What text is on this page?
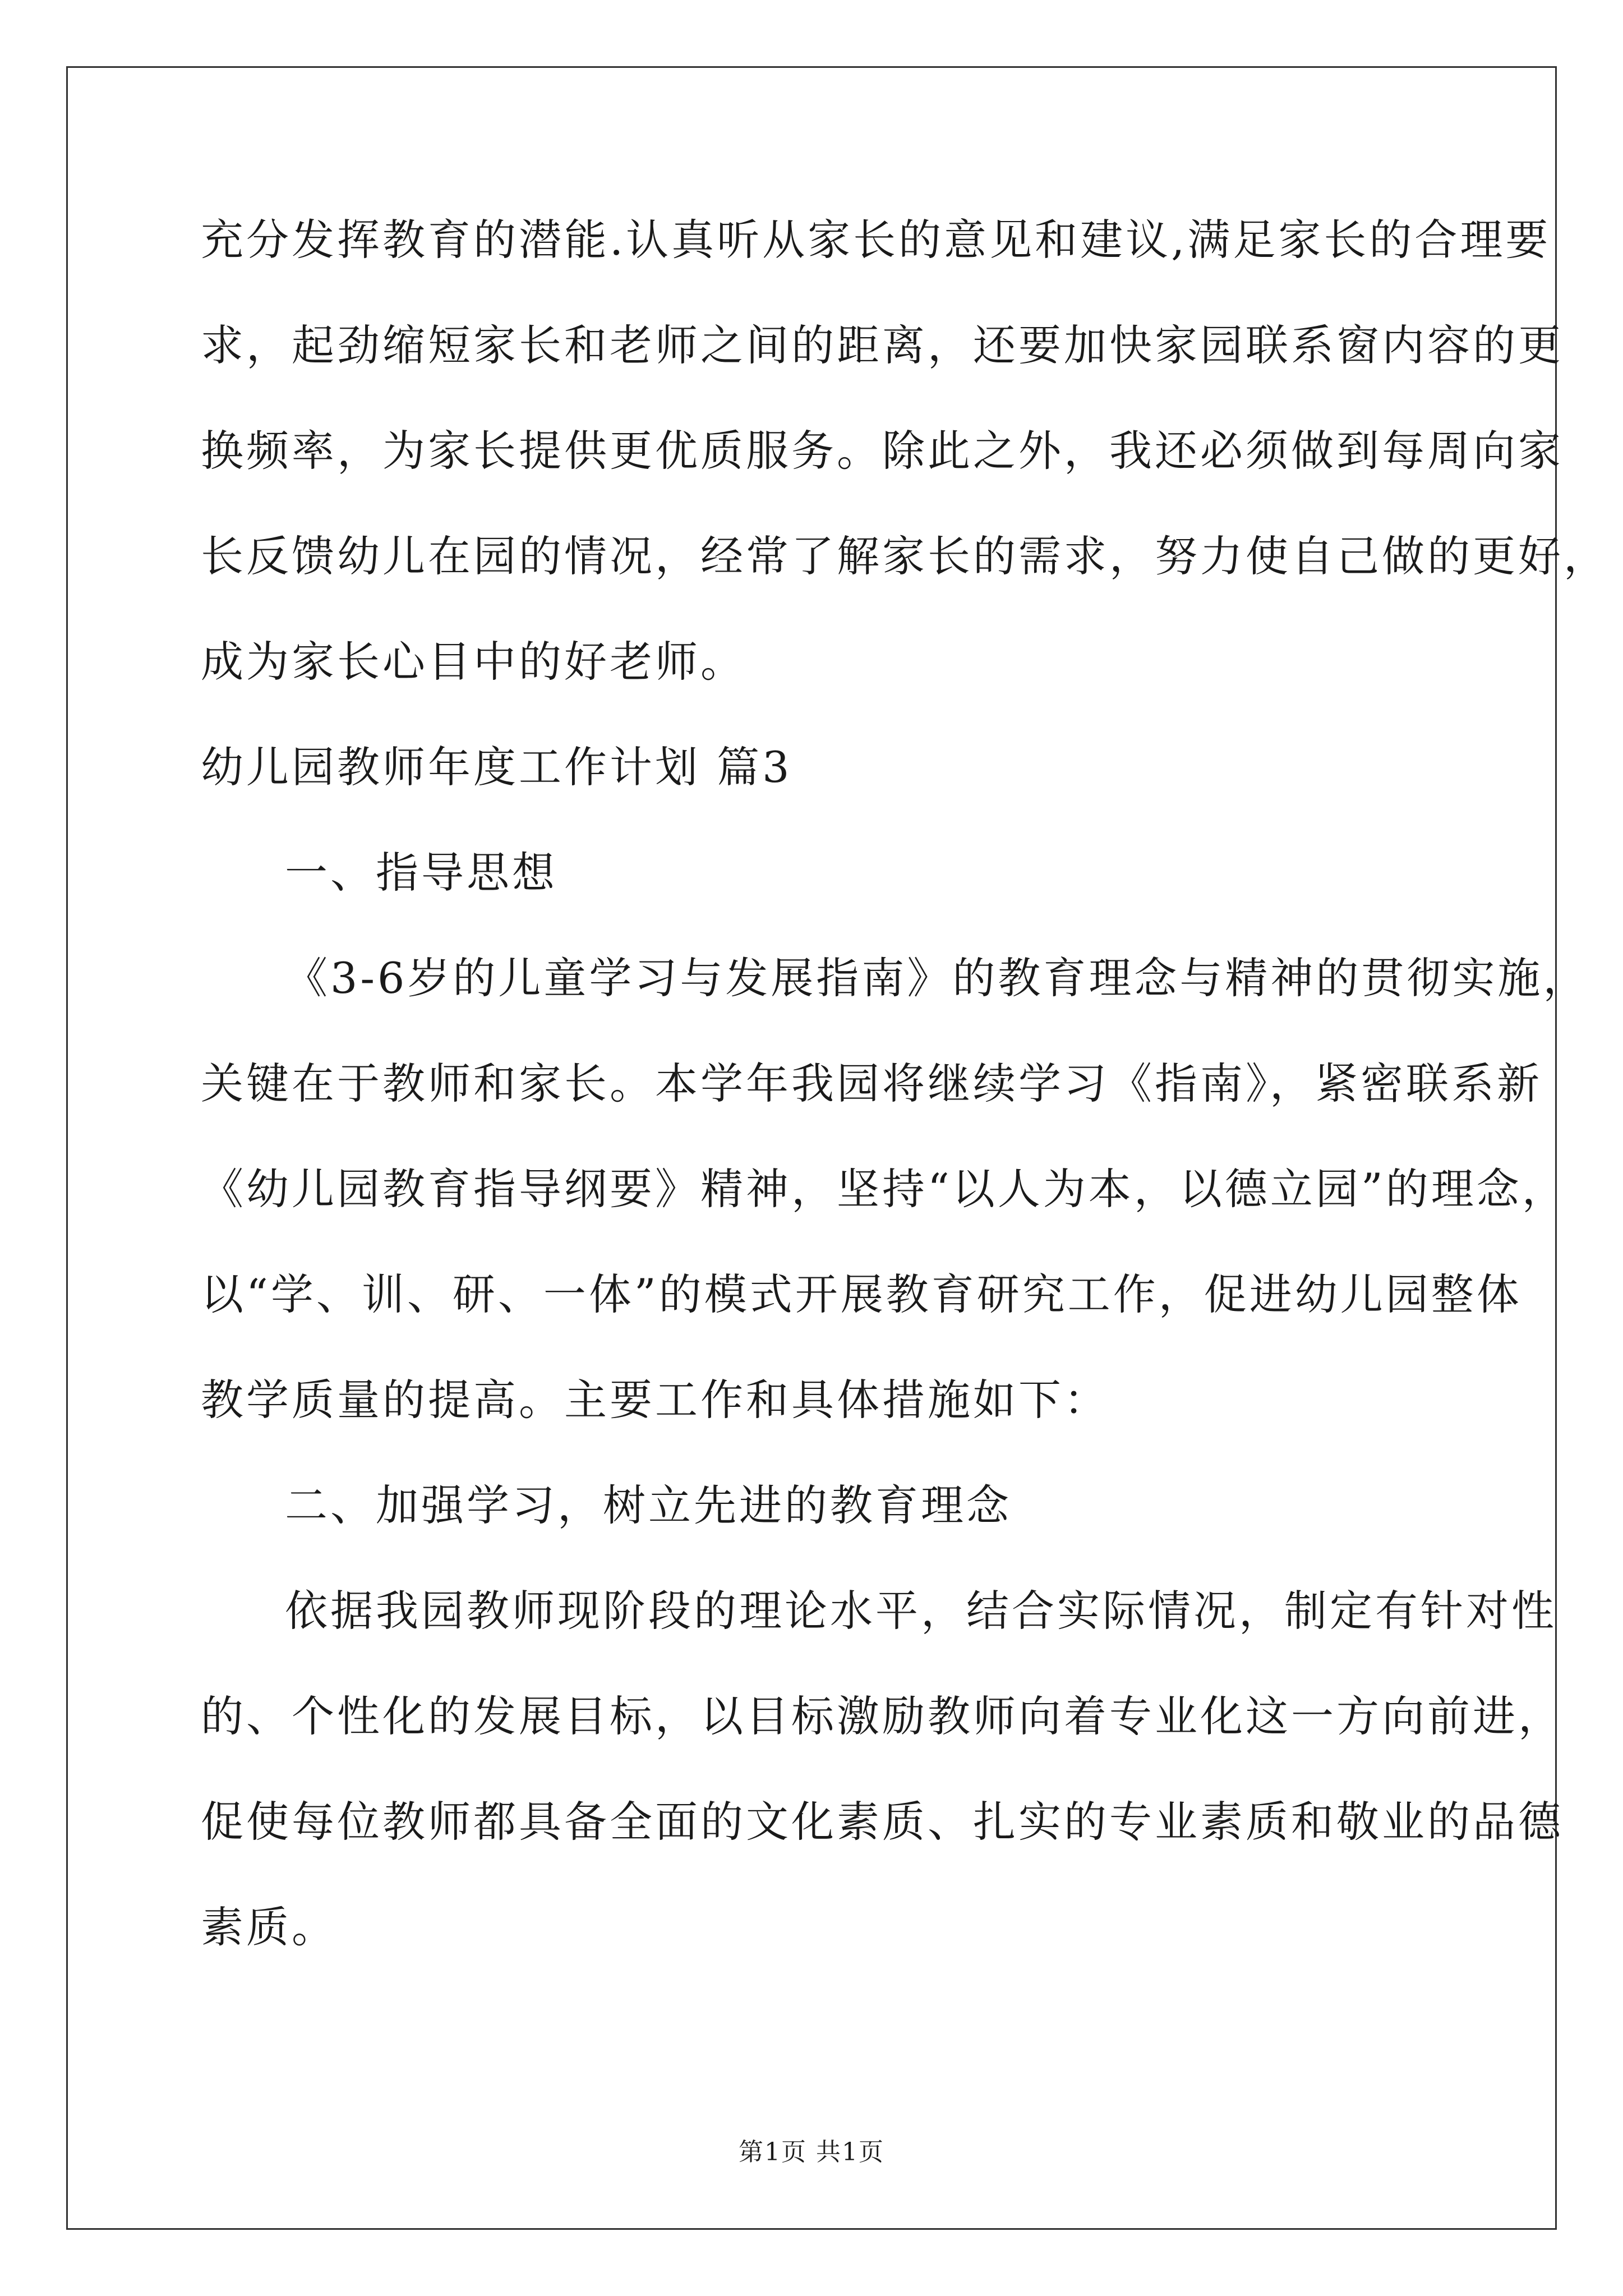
充分发挥教育的潜能.认真听从家长的意见和建议,满足家长的合理要
求，起劲缩短家长和老师之间的距离，还要加快家园联系窗内容的更
换频率，为家长提供更优质服务。除此之外，我还必须做到每周向家
长反馈幼儿在园的情况，经常了解家长的需求，努力使自己做的更好，
成为家长心目中的好老师。
幼儿园教师年度工作计划 篇3
一、指导思想
《3-6岁的儿童学习与发展指南》的教育理念与精神的贯彻实施，
关键在于教师和家长。本学年我园将继续学习《指南》，紧密联系新
《幼儿园教育指导纲要》精神，坚持“以人为本，以德立园”的理念，
以“学、训、研、一体”的模式开展教育研究工作，促进幼儿园整体
教学质量的提高。主要工作和具体措施如下：
二、加强学习，树立先进的教育理念
依据我园教师现阶段的理论水平，结合实际情况，制定有针对性
的、个性化的发展目标，以目标激励教师向着专业化这一方向前进，
促使每位教师都具备全面的文化素质、扎实的专业素质和敬业的品德
素质。
第1页 共1页
